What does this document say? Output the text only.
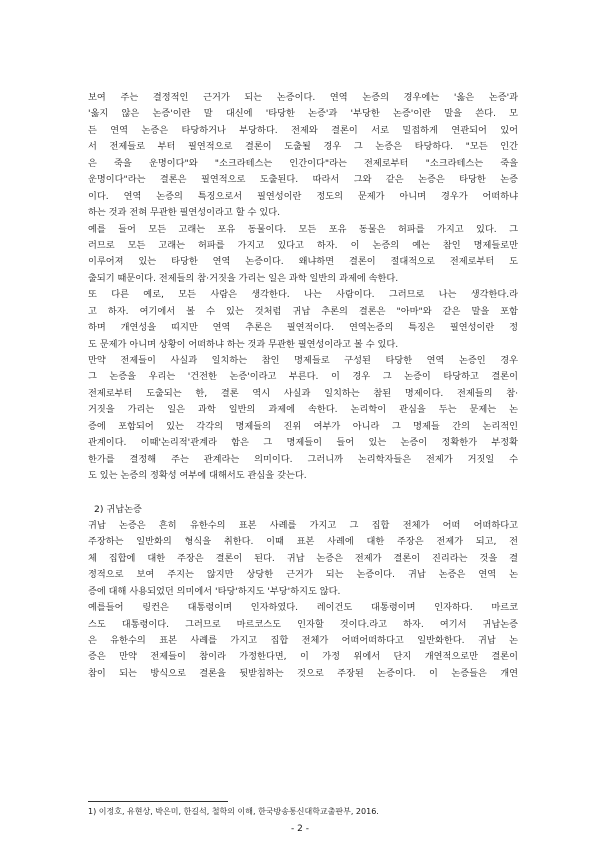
보여 주는 결정적인 근거가 되는 논증이다. 연역 논증의 경우에는 '옳은 논증'과
'옳지 않은 논증'이란 말 대신에 '타당한 논증'과 '부당한 논증'이란 말을 쓴다. 모
든 연역 논증은 타당하거나 부당하다. 전제와 결론이 서로 밀접하게 연관되어 있어
서 전제들로 부터 필연적으로 결론이 도출될 경우 그 논증은 타당하다. "모든 인간
은 죽을 운명이다"와 "소크라테스는 인간이다"라는 전제로부터 "소크라테스는 죽을
운명이다"라는 결론은 필연적으로 도출된다. 따라서 그와 같은 논증은 타당한 논증
이다. 연역 논증의 특징으로서 필연성이란 정도의 문제가 아니며 경우가 어떠하냐
하는 것과 전혀 무관한 필연성이라고 할 수 있다.
예를 들어 모든 고래는 포유 동물이다. 모든 포유 동물은 허파를 가지고 있다. 그
러므로 모든 고래는 허파를 가지고 있다고 하자. 이 논증의 예는 참인 명제들로만
이루어져 있는 타당한 연역 논증이다. 왜냐하면 결론이 절대적으로 전제로부터 도
출되기 때문이다. 전제들의 참·거짓을 가리는 일은 과학 일반의 과제에 속한다.
또 다른 예로, 모든 사람은 생각한다. 나는 사람이다. 그러므로 나는 생각한다.라
고 하자. 여기에서 볼 수 있는 것처럼 귀납 추론의 결론은 "아마"와 같은 말을 포함
하며 개연성을 띠지만 연역 추론은 필연적이다. 연역논증의 특징은 필연성이란 정
도 문제가 아니며 상황이 어떠하냐 하는 것과 무관한 필연성이라고 볼 수 있다.
만약 전제들이 사실과 일치하는 참인 명제들로 구성된 타당한 연역 논증인 경우
그 논증을 우리는 '건전한 논증'이라고 부른다. 이 경우 그 논증이 타당하고 결론이
전제로부터 도출되는 한, 결론 역시 사실과 일치하는 참된 명제이다. 전제들의 참·
거짓을 가리는 일은 과학 일반의 과제에 속한다. 논리학이 관심을 두는 문제는 논
증에 포함되어 있는 각각의 명제들의 진위 여부가 아니라 그 명제들 간의 논리적인
관계이다. 이때'논리적'관계라 함은 그 명제들이 들어 있는 논증이 정확한가 부정확
한가를 결정해 주는 관계라는 의미이다. 그러니까 논리학자들은 전제가 거짓일 수
도 있는 논증의 정확성 여부에 대해서도 관심을 갖는다.
2) 귀납논증
귀납 논증은 흔히 유한수의 표본 사례를 가지고 그 집합 전체가 어떠 어떠하다고
주장하는 일반화의 형식을 취한다. 이때 표본 사례에 대한 주장은 전제가 되고, 전
체 집합에 대한 주장은 결론이 된다. 귀납 논증은 전제가 결론이 진리라는 것을 결
정적으로 보여 주지는 않지만 상당한 근거가 되는 논증이다. 귀납 논증은 연역 논
증에 대해 사용되었던 의미에서 '타당'하지도 '부당'하지도 않다.
예를들어 링컨은 대통령이며 인자하였다. 레이건도 대통령이며 인자하다. 마르코
스도 대통령이다. 그러므로 마르코스도 인자할 것이다.라고 하자. 여기서 귀납논증
은 유한수의 표본 사례를 가지고 집합 전체가 어떠어떠하다고 일반화한다. 귀납 논
증은 만약 전제들이 참이라 가정한다면, 이 가정 위에서 단지 개연적으로만 결론이
참이 되는 방식으로 결론을 뒷받침하는 것으로 주장된 논증이다. 이 논증들은 개연
1) 이정호, 유현상, 박은미, 한길석, 철학의 이해, 한국방송통신대학교출판부, 2016.
- 2 -
